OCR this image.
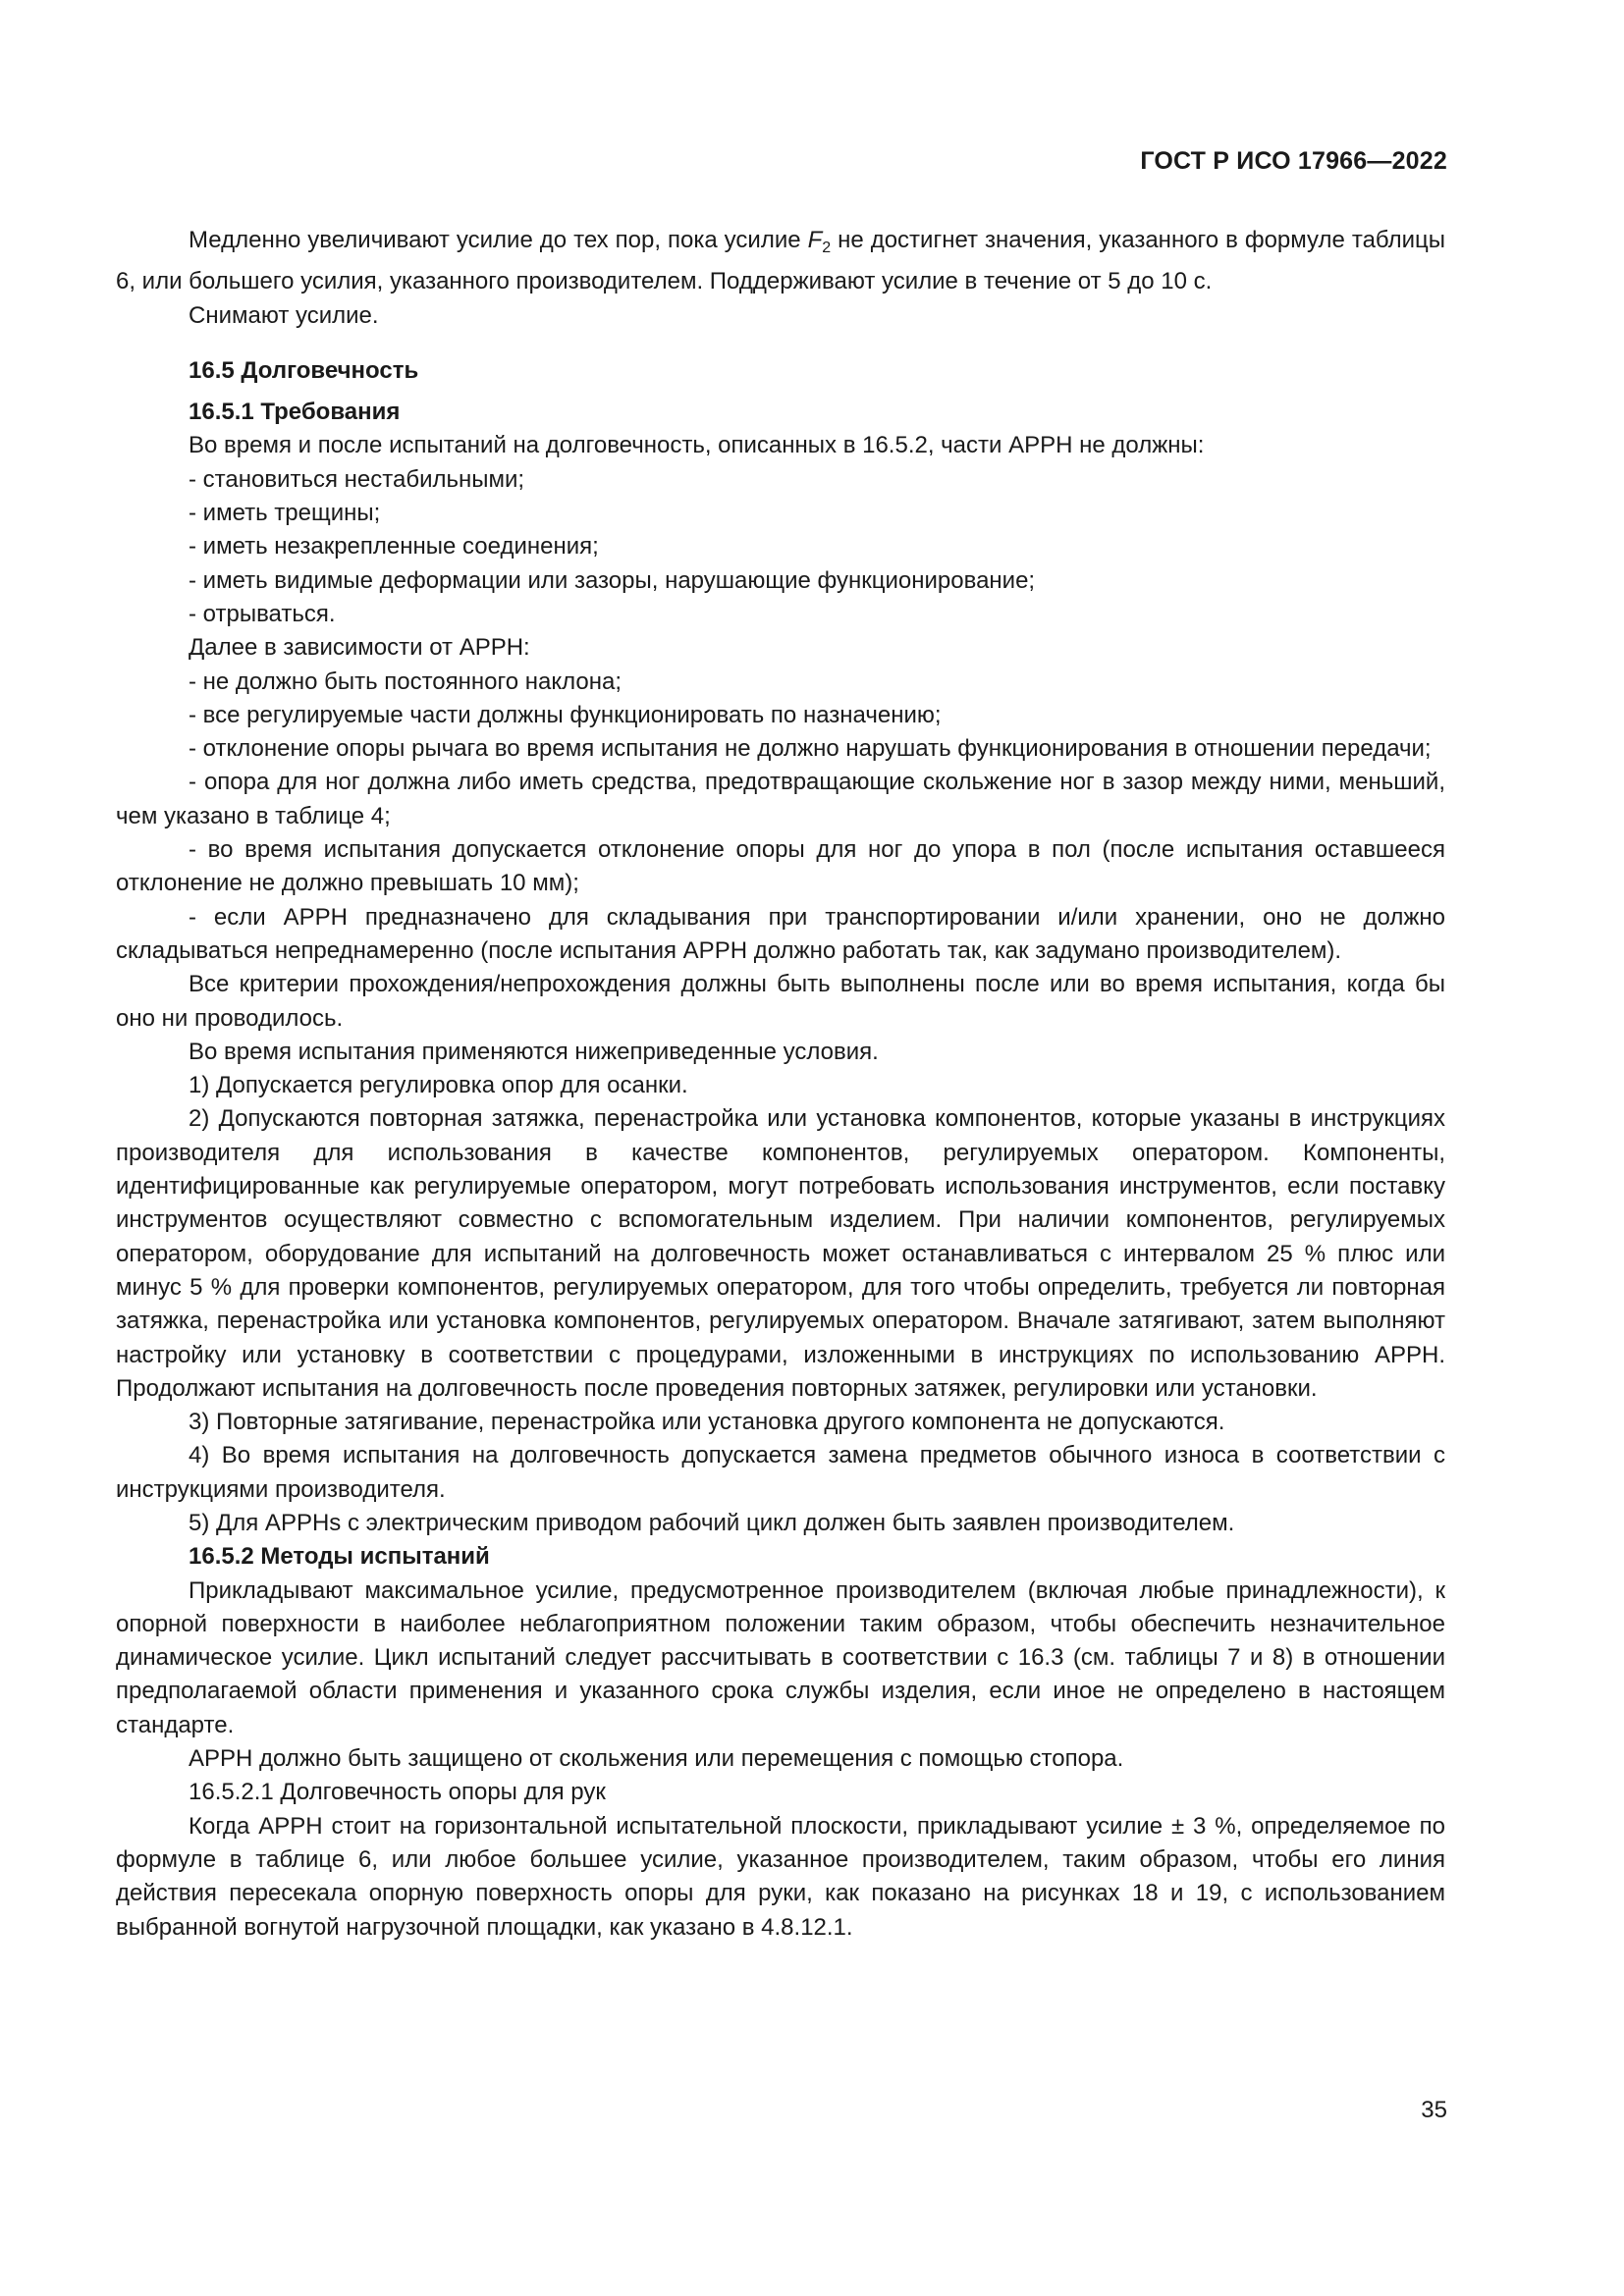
ГОСТ Р ИСО 17966—2022

Медленно увеличивают усилие до тех пор, пока усилие $F_2$ не достигнет значения, указанного в формуле таблицы 6, или большего усилия, указанного производителем. Поддерживают усилие в течение от 5 до 10 с.

Снимают усилие.

16.5 Долговечность
16.5.1 Требования

Во время и после испытаний на долговечность, описанных в 16.5.2, части АРРН не должны:

- становиться нестабильными;

- иметь трещины;

- иметь незакрепленные соединения;

- иметь видимые деформации или зазоры, нарушающие функционирование;

- отрываться.

Далее в зависимости от АРРН:

- не должно быть постоянного наклона;

- все регулируемые части должны функционировать по назначению;

- отклонение опоры рычага во время испытания не должно нарушать функционирования в отношении передачи;

- опора для ног должна либо иметь средства, предотвращающие скольжение ног в зазор между ними, меньший, чем указано в таблице 4;

- во время испытания допускается отклонение опоры для ног до упора в пол (после испытания оставшееся отклонение не должно превышать 10 мм);

- если АРРН предназначено для складывания при транспортировании и/или хранении, оно не должно складываться непреднамеренно (после испытания АРРН должно работать так, как задумано производителем).

Все критерии прохождения/непрохождения должны быть выполнены после или во время испытания, когда бы оно ни проводилось.

Во время испытания применяются нижеприведенные условия.

1) Допускается регулировка опор для осанки.

2) Допускаются повторная затяжка, перенастройка или установка компонентов, которые указаны в инструкциях производителя для использования в качестве компонентов, регулируемых оператором. Компоненты, идентифицированные как регулируемые оператором, могут потребовать использования инструментов, если поставку инструментов осуществляют совместно с вспомогательным изделием. При наличии компонентов, регулируемых оператором, оборудование для испытаний на долговечность может останавливаться с интервалом 25 % плюс или минус 5 % для проверки компонентов, регулируемых оператором, для того чтобы определить, требуется ли повторная затяжка, перенастройка или установка компонентов, регулируемых оператором. Вначале затягивают, затем выполняют настройку или установку в соответствии с процедурами, изложенными в инструкциях по использованию АРРН. Продолжают испытания на долговечность после проведения повторных затяжек, регулировки или установки.

3) Повторные затягивание, перенастройка или установка другого компонента не допускаются.

4) Во время испытания на долговечность допускается замена предметов обычного износа в соответствии с инструкциями производителя.

5) Для АРРНs с электрическим приводом рабочий цикл должен быть заявлен производителем.

16.5.2 Методы испытаний

Прикладывают максимальное усилие, предусмотренное производителем (включая любые принадлежности), к опорной поверхности в наиболее неблагоприятном положении таким образом, чтобы обеспечить незначительное динамическое усилие. Цикл испытаний следует рассчитывать в соответствии с 16.3 (см. таблицы 7 и 8) в отношении предполагаемой области применения и указанного срока службы изделия, если иное не определено в настоящем стандарте.

АРРН должно быть защищено от скольжения или перемещения с помощью стопора.

16.5.2.1 Долговечность опоры для рук

Когда АРРН стоит на горизонтальной испытательной плоскости, прикладывают усилие ± 3 %, определяемое по формуле в таблице 6, или любое большее усилие, указанное производителем, таким образом, чтобы его линия действия пересекала опорную поверхность опоры для руки, как показано на рисунках 18 и 19, с использованием выбранной вогнутой нагрузочной площадки, как указано в 4.8.12.1.

35
